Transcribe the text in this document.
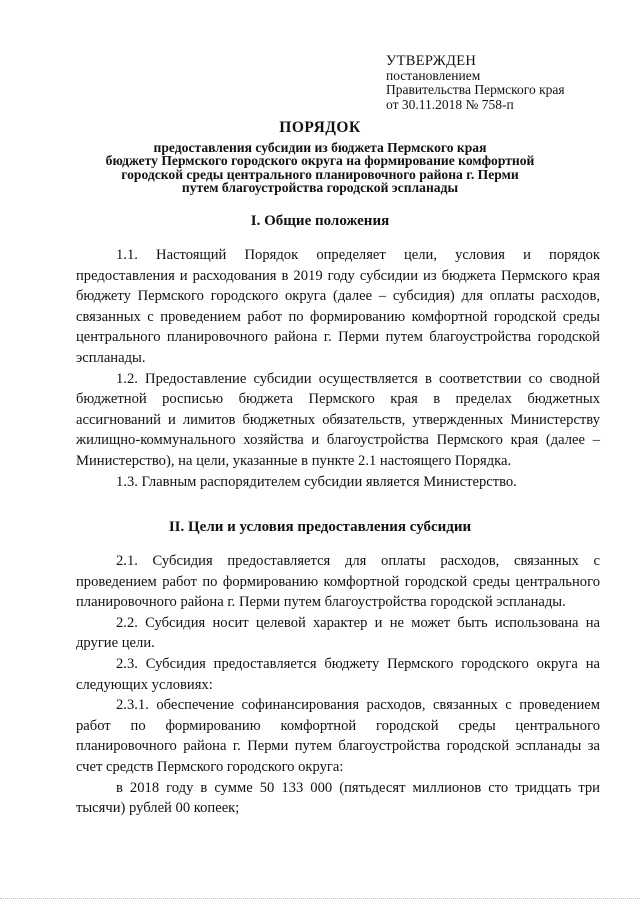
УТВЕРЖДЕН
постановлением
Правительства Пермского края
от 30.11.2018 № 758-п
ПОРЯДОК
предоставления субсидии из бюджета Пермского края
бюджету Пермского городского округа на формирование комфортной
городской среды центрального планировочного района г. Перми
путем благоустройства городской эспланады
I. Общие положения

1.1. Настоящий Порядок определяет цели, условия и порядок предоставления и расходования в 2019 году субсидии из бюджета Пермского края бюджету Пермского городского округа (далее – субсидия) для оплаты расходов, связанных с проведением работ по формированию комфортной городской среды центрального планировочного района г. Перми путем благоустройства городской эспланады.

1.2. Предоставление субсидии осуществляется в соответствии со сводной бюджетной росписью бюджета Пермского края в пределах бюджетных ассигнований и лимитов бюджетных обязательств, утвержденных Министерству жилищно-коммунального хозяйства и благоустройства Пермского края (далее – Министерство), на цели, указанные в пункте 2.1 настоящего Порядка.

1.3. Главным распорядителем субсидии является Министерство.

II. Цели и условия предоставления субсидии

2.1. Субсидия предоставляется для оплаты расходов, связанных с проведением работ по формированию комфортной городской среды центрального планировочного района г. Перми путем благоустройства городской эспланады.

2.2. Субсидия носит целевой характер и не может быть использована на другие цели.

2.3. Субсидия предоставляется бюджету Пермского городского округа на следующих условиях:

2.3.1. обеспечение софинансирования расходов, связанных с проведением работ по формированию комфортной городской среды центрального планировочного района г. Перми путем благоустройства городской эспланады за счет средств Пермского городского округа:

в 2018 году в сумме 50 133 000 (пятьдесят миллионов сто тридцать три тысячи) рублей 00 копеек;
